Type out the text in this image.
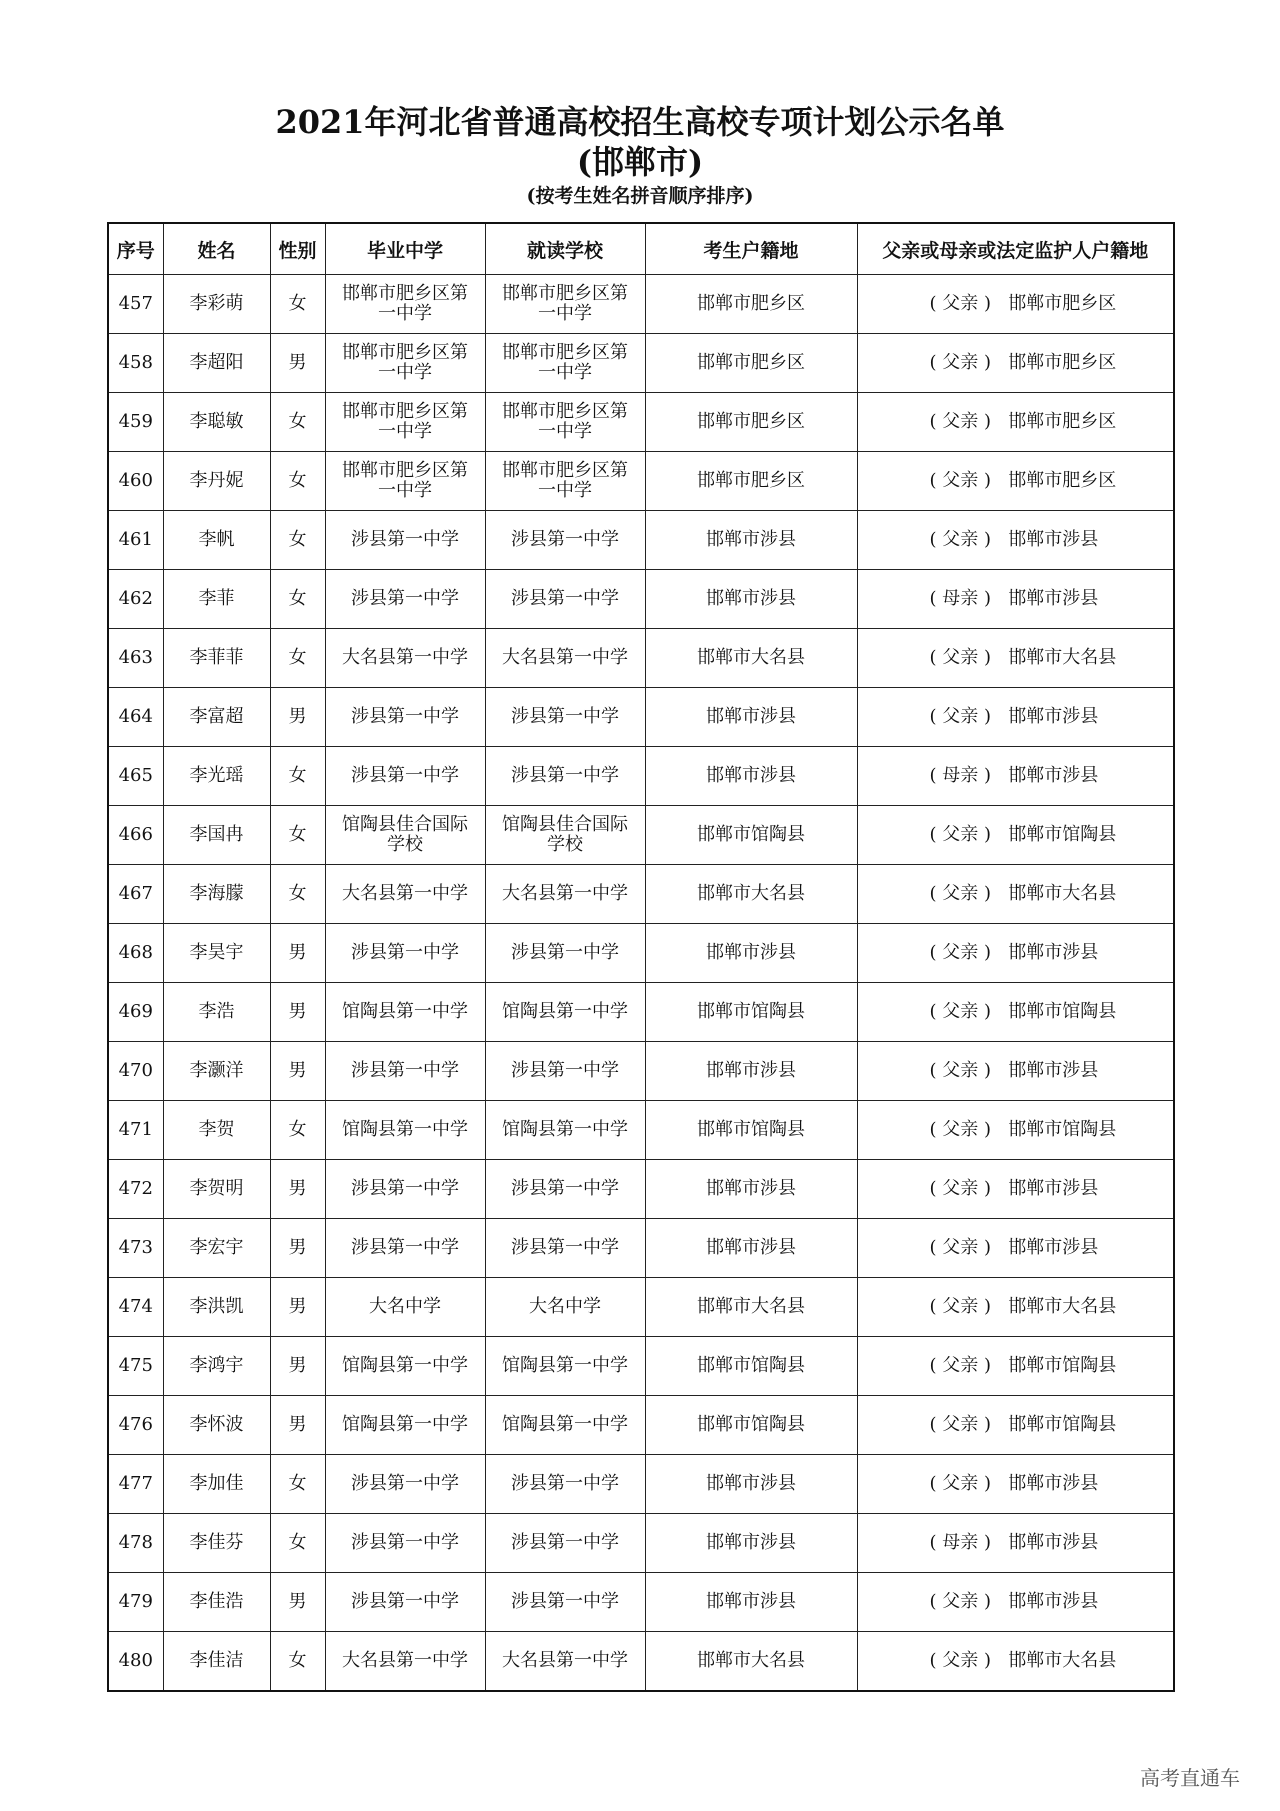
2021年河北省普通高校招生高校专项计划公示名单
(邯郸市)
(按考生姓名拼音顺序排序)
序号	姓名	性别	毕业中学	就读学校	考生户籍地	父亲或母亲或法定监护人户籍地
457	李彩萌	女	邯郸市肥乡区第一中学	邯郸市肥乡区第一中学	邯郸市肥乡区	( 父亲 ) 邯郸市肥乡区
458	李超阳	男	邯郸市肥乡区第一中学	邯郸市肥乡区第一中学	邯郸市肥乡区	( 父亲 ) 邯郸市肥乡区
459	李聪敏	女	邯郸市肥乡区第一中学	邯郸市肥乡区第一中学	邯郸市肥乡区	( 父亲 ) 邯郸市肥乡区
460	李丹妮	女	邯郸市肥乡区第一中学	邯郸市肥乡区第一中学	邯郸市肥乡区	( 父亲 ) 邯郸市肥乡区
461	李帆	女	涉县第一中学	涉县第一中学	邯郸市涉县	( 父亲 ) 邯郸市涉县
462	李菲	女	涉县第一中学	涉县第一中学	邯郸市涉县	( 母亲 ) 邯郸市涉县
463	李菲菲	女	大名县第一中学	大名县第一中学	邯郸市大名县	( 父亲 ) 邯郸市大名县
464	李富超	男	涉县第一中学	涉县第一中学	邯郸市涉县	( 父亲 ) 邯郸市涉县
465	李光瑶	女	涉县第一中学	涉县第一中学	邯郸市涉县	( 母亲 ) 邯郸市涉县
466	李国冉	女	馆陶县佳合国际学校	馆陶县佳合国际学校	邯郸市馆陶县	( 父亲 ) 邯郸市馆陶县
467	李海朦	女	大名县第一中学	大名县第一中学	邯郸市大名县	( 父亲 ) 邯郸市大名县
468	李昊宇	男	涉县第一中学	涉县第一中学	邯郸市涉县	( 父亲 ) 邯郸市涉县
469	李浩	男	馆陶县第一中学	馆陶县第一中学	邯郸市馆陶县	( 父亲 ) 邯郸市馆陶县
470	李灏洋	男	涉县第一中学	涉县第一中学	邯郸市涉县	( 父亲 ) 邯郸市涉县
471	李贺	女	馆陶县第一中学	馆陶县第一中学	邯郸市馆陶县	( 父亲 ) 邯郸市馆陶县
472	李贺明	男	涉县第一中学	涉县第一中学	邯郸市涉县	( 父亲 ) 邯郸市涉县
473	李宏宇	男	涉县第一中学	涉县第一中学	邯郸市涉县	( 父亲 ) 邯郸市涉县
474	李洪凯	男	大名中学	大名中学	邯郸市大名县	( 父亲 ) 邯郸市大名县
475	李鸿宇	男	馆陶县第一中学	馆陶县第一中学	邯郸市馆陶县	( 父亲 ) 邯郸市馆陶县
476	李怀波	男	馆陶县第一中学	馆陶县第一中学	邯郸市馆陶县	( 父亲 ) 邯郸市馆陶县
477	李加佳	女	涉县第一中学	涉县第一中学	邯郸市涉县	( 父亲 ) 邯郸市涉县
478	李佳芬	女	涉县第一中学	涉县第一中学	邯郸市涉县	( 母亲 ) 邯郸市涉县
479	李佳浩	男	涉县第一中学	涉县第一中学	邯郸市涉县	( 父亲 ) 邯郸市涉县
480	李佳洁	女	大名县第一中学	大名县第一中学	邯郸市大名县	( 父亲 ) 邯郸市大名县
高考直通车
